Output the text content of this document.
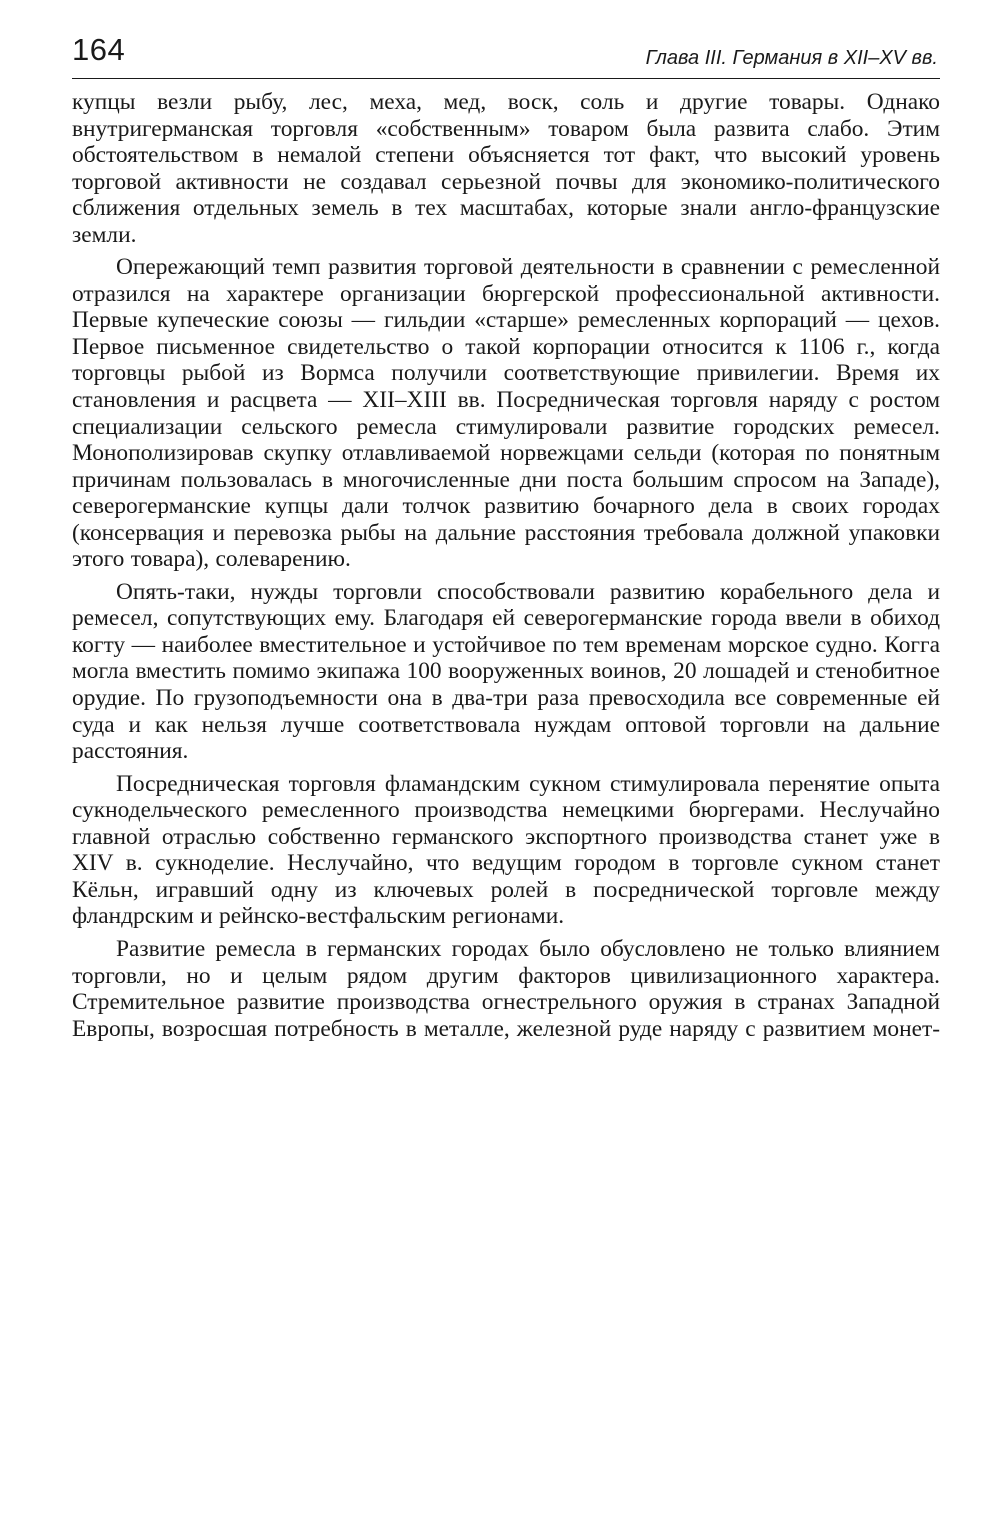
164	Глава III. Германия в XII–XV вв.

купцы везли рыбу, лес, меха, мед, воск, соль и другие товары. Однако внутригерманская торговля «собственным» товаром была развита слабо. Этим обстоятельством в немалой степени объясняется тот факт, что высокий уровень торговой активности не создавал серьезной почвы для экономико-политического сближения отдельных земель в тех масштабах, которые знали англо-французские земли.

Опережающий темп развития торговой деятельности в сравнении с ремесленной отразился на характере организации бюргерской профессиональной активности. Первые купеческие союзы — гильдии «старше» ремесленных корпораций — цехов. Первое письменное свидетельство о такой корпорации относится к 1106 г., когда торговцы рыбой из Вормса получили соответствующие привилегии. Время их становления и расцвета — XII–XIII вв. Посредническая торговля наряду с ростом специализации сельского ремесла стимулировали развитие городских ремесел. Монополизировав скупку отлавливаемой норвежцами сельди (которая по понятным причинам пользовалась в многочисленные дни поста большим спросом на Западе), северогерманские купцы дали толчок развитию бочарного дела в своих городах (консервация и перевозка рыбы на дальние расстояния требовала должной упаковки этого товара), солеварению.

Опять-таки, нужды торговли способствовали развитию корабельного дела и ремесел, сопутствующих ему. Благодаря ей северогерманские города ввели в обиход когту — наиболее вместительное и устойчивое по тем временам морское судно. Когга могла вместить помимо экипажа 100 вооруженных воинов, 20 лошадей и стенобитное орудие. По грузоподъемности она в два-три раза превосходила все современные ей суда и как нельзя лучше соответствовала нуждам оптовой торговли на дальние расстояния.

Посредническая торговля фламандским сукном стимулировала перенятие опыта сукнодельческого ремесленного производства немецкими бюргерами. Неслучайно главной отраслью собственно германского экспортного производства станет уже в XIV в. сукноделие. Неслучайно, что ведущим городом в торговле сукном станет Кёльн, игравший одну из ключевых ролей в посреднической торговле между фландрским и рейнско-вестфальским регионами.

Развитие ремесла в германских городах было обусловлено не только влиянием торговли, но и целым рядом другим факторов цивилизационного характера. Стремительное развитие производства огнестрельного оружия в странах Западной Европы, возросшая потребность в металле, железной руде наряду с развитием монет-
